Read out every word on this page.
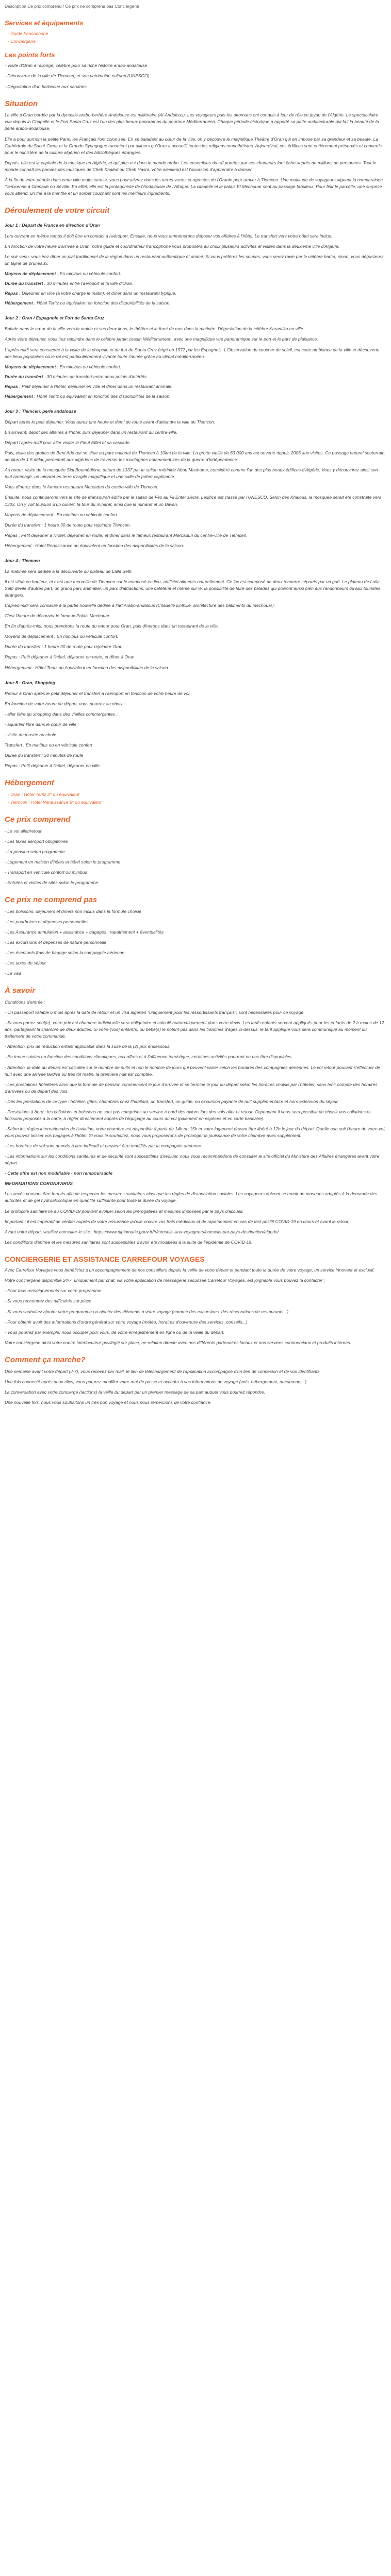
Description Ce prix comprend / Ce prix ne comprend pas Conciergerie
Services et équipements
- Guide francophone
- Conciergerie
Les points forts

- Visite d'Oran à rallonge, célèbre pour sa riche histoire arabo-andalouse

- Découverte de la ville de Tlemcen, et son patrimoine culturel (UNESCO)

- Dégustation d'un barbecue aux sardines

Situation

La ville d'Oran bordée par la dynastie arabo-berbère Andalouse est millénaire (Al-Andalous). Les voyageurs puis les ottomans ont conquis à leur de rôle ce joyau de l'Algérie. Le spectaculaire vue depuis la Chapelle et le Fort Santa Cruz est l'un des plus beaux panoramas du pourtour Méditerranéen. Chaque période historique a apporté sa patte architecturale qui fait la beauté de la perle arabo-andalouse.

Elle a pour surnom la petite Paris, les Français l'ont colonisée. En se baladant au cœur de la ville, on y découvre le magnifique Théâtre d'Oran qui en impose par sa grandeur et sa beauté. La Cathédrale du Sacré Cœur et la Grande Synagogue racontent par ailleurs qu'Oran a accueilli toutes les religions monothéistes. Aujourd'hui, ces édifices sont entièrement préservés et convertis pour le ministère de la culture algérien et des bibliothèques étrangers.

Depuis, elle est la capitale de la musique en Algérie, et qui plus est dans le monde arabe. Les ensembles du raï portées par ses chanteurs font écho auprès de millions de personnes. Tout le monde connaît les paroles des musiques de Cheb Khaled ou Cheb Hasni. Votre weekend est l'occasion d'apprendre à danser.

À la fin de votre périple dans cette ville majestueuse, vous poursuivrez dans les terres vertes et agrestes de l'Oranie pour arriver à Tlemcen. Une multitude de voyageurs aiguent la comparaison Tlemcenne à Grenade ou Séville. En effet, elle est la protagoniste de l'Andalousie de l'Afrique. La citadelle et le palais El Mechouar sont au passage fabuleux. Pour finir le parcelle, une surprise vous attend, un thé à la menthe et un sorbet couchant sont les meilleurs ingrédients.

Déroulement de votre circuit
Jour 1 : Départ de France en direction d'Oran

Lors ouvrant en même temps il doit être en contact à l'aéroport. Ensuite, nous vous emmènerons déposer vos affaires à l'hôtel. Le transfert vers votre hôtel sera inclus.

En fonction de votre heure d'arrivée à Oran, notre guide et coordinateur francophone vous proposera au choix plusieurs activités et visites dans la deuxième ville d'Algérie.

Le soir venu, vous irez dîner un plat traditionnel de la région dans un restaurant authentique et animé. Si vous préférez les soupes, vous serez ravie par le célèbre harira, sinon, vous dégusterez un tajine de pruneaux.

Moyens de déplacement : En minibus ou véhicule confort.
Durée du transfert : 30 minutes entre l'aéroport et la ville d'Oran.
Repas : Déjeuner en ville (à votre charge le matin), et dîner dans un restaurant typique.
Hébergement : Hôtel Teritz ou équivalent en fonction des disponibilités de la saison.
Jour 2 : Oran / Espagnole et Fort de Santa Cruz

Balade dans le cœur de la ville vers la mairie et ses deux lions, le théâtre et le front de mer dans la matinée. Dégustation de la célèbre Karantika en ville.

Après votre déjeuner, vous irez rejoindre dans le célèbre jardin citadin Méditerranéen, avec une magnifique vue panoramique sur le port et le parc de plaisance.

L'après-midi sera consacrée à la visite de la chapelle et du fort de Santa Cruz érigé en 1577 par les Espagnols. L'Observation du coucher de soleil, est cette ambiance de la ville et découverte des lieux populaires où le raï est particulièrement vivante toute l'année grâce au climat méditerranéen.

Moyens de déplacement : En minibus ou véhicule confort.
Durée du transfert : 30 minutes de transfert entre deux points d'intérêts.
Repas : Petit déjeuner à l'hôtel, déjeuner en ville et dîner dans un restaurant animale.
Hébergement : Hôtel Teritz ou équivalent en fonction des disponibilités de la saison.
Jour 3 : Tlemcen, perle andalouse

Départ après le petit déjeuner. Vous aurez une heure et demi de route avant d'atteindre la ville de Tlemcen.

En arrivant, dépôt des affaires à l'hôtel, puis déjeuner dans un restaurant du centre-ville.

Départ l'après-midi pour aller visiter le Fleuf Elfiel et sa cascade.

Puis, visite des grottes de Beni Add qui se situe au parc national de Tlemcen à 10km de la ville. La grotte vieille de 63 000 ans est ouverte depuis 2006 aux visites. Ce passage naturel souterrain, de plus de 1.5 délai, permettait aux algériens de traverser les montagnes notamment lors de la guerre d'indépendance.

Au retour, visite de la mosquée Sidi Boumédiène, datant de 1337 par le sultan mérinide Abou Mashame, considéré comme l'un des plus beaux édifices d'Algérie. Vous y découvrirez ainsi son tout aménagé, un minaret en terre d'argile magnifique et une salle de prière captivante.

Vous dînerez dans le fameux restaurant Mercaduri du centre-ville de Tlemcen.

Ensuite, nous continuerons vers le site de Mansourah édifié par le sultan de Fès au Fil Enter siècle. Lèdifice est classé par l'UNESCO. Selon des Khalous, la mosquée serait été construite vers 1303. On y voit toujours d'un ouvert, la tour du minaret, ainsi que la minaret et un Diwan.

Moyens de déplacement : En minibus ou véhicule confort.

Durée du transfert : 1 heure 30 de route pour rejoindre Tlemcen.

Repas : Petit déjeuner à l'hôtel, déjeuner en route, et dîner dans le fameux restaurant Mercaduri du centre-ville de Tlemcen.

Hébergement : Hotel Renaissance ou équivalent en fonction des disponibilités de la saison.

Jour 4 : Tlemcen

La matinée sera dédiée à la découverte du plateau de Lalla Setti.

Il est situé en hauteur, et c'est une merveille de Tlemcen sur le composé en lieu, artificiel aliments naturellement. Ce lac est composé de deux tonnerre séparés par un gué. Le plateau de Lalla Setti dévile d'autres part, un grand parc animalier, un parc d'attractions, une cafétéria et même sur le, la possibilité de faire des balades qui plairont aussi bien aux randonneurs qu'aux touristes étrangers.

L'après-midi sera consacré à la partie nouvelle dédiée à l'art Arabo-andalous (Citadelle Enthille, architecture des bâtiments du mechouar).

C'est l'heure de découvrir le fameux Palais Mechouar.

En fin d'après-midi, nous prendrons la route du retour pour Oran, puis dînerons dans un restaurant de la ville.

Moyens de déplacement : En minibus ou véhicule confort.

Durée du transfert : 1 heure 30 de route pour rejoindre Oran.

Repas : Petit déjeuner à l'hôtel, déjeuner en route, et dîner à Oran

Hébergement : Hôtel Teritz ou équivalent en fonction des disponibilités de la saison.

Jour 5 : Oran, Shopping

Retour à Oran après le petit déjeuner et transfert à l'aéroport en fonction de votre heure de vol.

En fonction de votre heure de départ, vous pourrez au choix :

- aller faire du shopping dans des vieilles commerçantes ;

- aquarlier libre dans le cœur de ville ;

- visite du musée au choix.

Transfert : En minibus ou en véhicule confort

Durée du transfert : 30 minutes de route

Repas : Petit déjeuner à l'hôtel, déjeuner en ville

Hébergement
- Oran : Hôtel Teritz 2* ou équivalent
- Tlemcen : Hôtel Renaissance 5* ou équivalent
Ce prix comprend

- Le vol aller/retour

- Les taxes aéroport obligatoires

- La pension selon programme

- Logement en maison d'hôtes et hôtel selon le programme

- Transport en véhicule confort ou minibus

- Entrées et visites de sites selon le programme

Ce prix ne comprend pas

- Les boissons, déjeuners et dîners non inclus dans la formule choisie

- Les pourboires et dépenses personnelles

- Les Assurance annulation + assistance + bagages : rapatriement + éventualités

- Les excursions et dépenses de nature personnelle

- Les éventuels frais de bagage selon la compagnie aérienne

- Les taxes de séjour

- Le visa

À savoir

Conditions d'entrée :

- Un passeport valable 6 mois après la date de retour et un visa algérien "uniquement pour les ressortissants français", sont nécessaires pour ce voyage.

- Si vous partez seul(e), votre prix est chambre individuelle sera obligatoire et calculé automatiquement dans votre devis. Les tarifs enfants servent appliqués pour les enfants de 2 à moins de 12 ans, partageant la chambre de deux adultes. Si votre (vos) enfant(s) ou bébé(s) le notent pas dans les tranches d'âges ci-dessus, le tarif appliqué vous sera communiqué au moment du traitement de votre commande.

- Attention, prix de réduction enfant applicable dans la suite de la (2) prix endessous.

- En tenue suivies en fonction des conditions climatiques, aux offres et à l'affluence touristique, certaines activités pourront ne pas être disponibles.

- Attention, la date du départ est calculée sur le nombre de nuits et non le nombre de jours qui peuvent varier selon les horaires des compagnies aériennes. Le vol retour pouvant s'effectuer de nuit avec une arrivée tardive ou très tôt matin, la première nuit est comptée.

- Les prestations hôtelières ainsi que la formule de pension commencent le jour d'arrivée et se termine le jour du départ selon les horaires choisis par l'hôtelier, sans tenir compte des horaires d'arrivées ou de départ des vols.

- Dès les prestations de ce type : hôtelier, gîtes, chambres chez l'habitant, un transfert, un guide, ou excursion payante de nuit supplémentaire et hors extension du séjour.

- Prestations à bord : les collations et boissons ne sont pas comprises au service à bord des avions lors des vols aller et retour. Cependant il vous sera possible de choisir vos collations et boissons proposés à la carte, à régler directement auprès de l'équipage au cours du vol (paiement en espèces et en carte bancaire).

- Selon les règles internationales de l'aviation, votre chambre est disponible à partir de 14h ou 15h et votre logement devant être libéré à 12h le jour du départ. Quelle que soit l'heure de votre vol, vous pouvez laisser vos bagages à l'hôtel. Si vous le souhaitez, nous vous proposerons de prolonger la jouissance de votre chambre avec supplément.

- Les horaires de vol sont donnés à titre indicatif et peuvent être modifiés par la compagnie aérienne.

- Les informations sur les conditions sanitaires et de sécurité sont susceptibles d'évoluer, nous vous recommandons de consulter le site officiel du Ministère des Affaires étrangères avant votre départ.

- Cette offre est non modifiable - non remboursable

INFORMATIONS CORONAVIRUS

Les accès pouvant être fermés afin de respecter les mesures sanitaires ainsi que les règles de distanciation sociales. Les voyageurs doivent se munir de masques adaptés à la demande des autorités et de gel hydroalcoolique en quantité suffisante pour toute la durée du voyage.

Le protocole sanitaire lié au COVID-19 pouvant évoluer selon les prérogatives et mesures imposées par le pays d'accueil.

Important : il est impératif de vérifier auprès de votre assurance qu'elle couvre vos frais médicaux et de rapatriement en cas de test positif COVID-19 en cours et avant le retour.

Avant votre départ, veuillez consulter le site : https://www.diplomatie.gouv.fr/fr/conseils-aux-voyageurs/conseils-par-pays-destination/algerie/

Les conditions d'entrée et les mesures sanitaires sont susceptibles d'avoir été modifiées à la suite de l'épidémie de COVID-19.

CONCIERGERIE ET ASSISTANCE CARREFOUR VOYAGES

Avec Carrefour Voyages vous bénéficiez d'un accompagnement de nos conseillers depuis la veille de votre départ et pendant toute la durée de votre voyage, un service innovant et exclusif.

Votre conciergerie disponible 24/7, uniquement par chat, via votre application de messagerie sécurisée Carrefour Voyages, est joignable vous pouvez la contacter :

- Pour tous renseignements sur votre programme

- Si vous rencontrez des difficultés sur place

- Si vous souhaitez ajouter votre programme ou ajouter des éléments à votre voyage (comme des excursions, des réservations de restaurants...)

- Pour obtenir avoir des informations d'ordre général sur votre voyage (météo, horaires d'ouverture des services, conseils...)

- Vous pourrez par exemple, nous occuper pour vous, de votre enregistrement en ligne ou de la veille du départ.

Votre conciergerie ainsi votre contre interlocuteur privilégié sur place, ne relation directe avec nos différents partenaires locaux et nos services commerciaux et produits internes.

Comment ça marche?

Une semaine avant votre départ (J-7), vous recevez par mail, le lien de téléchargement de l'application accompagné d'un lien de connexion et de vos identifiants.

Une fois connecté après deux clics, vous pourrez modifier votre mot de passe et accéder à vos informations de voyage (vols, hébergement, documents...).

La conversation avec votre concierge (lactions) la veille du départ par un premier message de sa part auquel vous pourrez répondre.

Une nouvelle fois, nous vous souhaitons un très bon voyage et nous nous remercions de votre confiance.
